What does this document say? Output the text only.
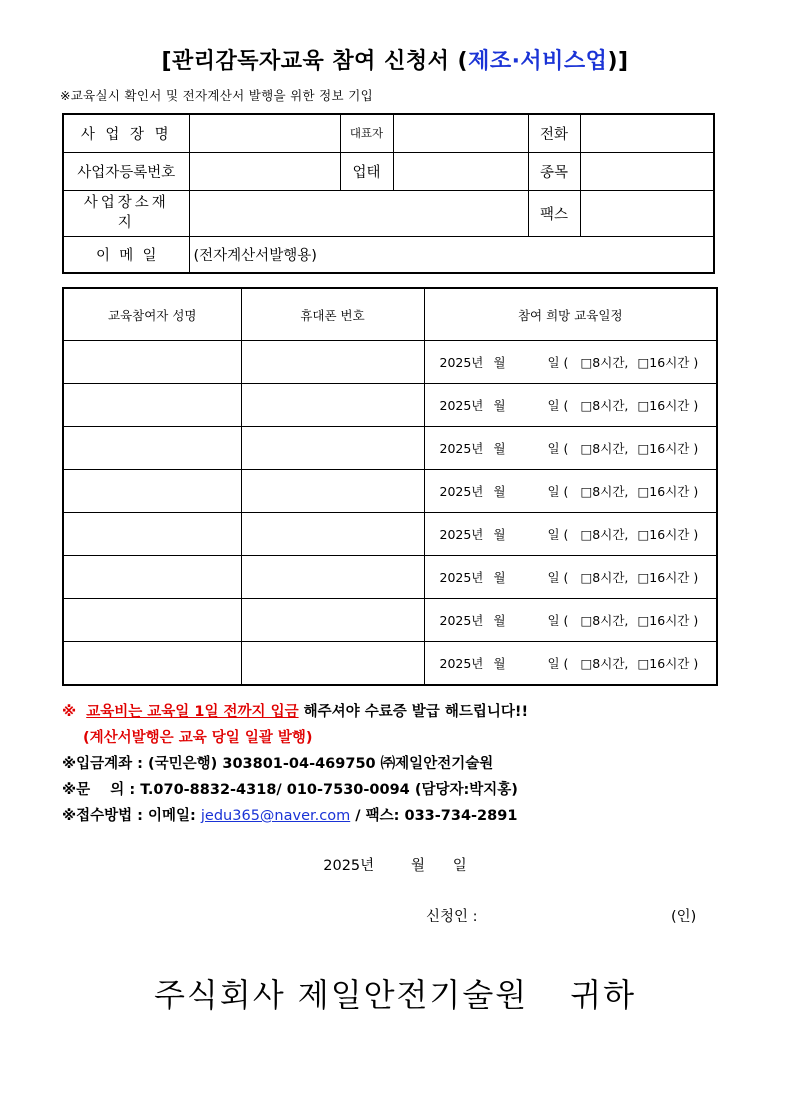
[관리감독자교육 참여 신청서 (제조·서비스업)]
※교육실시 확인서 및 전자계산서 발행을 위한 정보 기입
사 업 장 명		대표자		전화	
사업자등록번호		업태		종목	
사업장소재지				팩스	
이  메  일	(전자계산서발행용)				
교육참여자 성명	휴대폰 번호	참여 희망 교육일정
		2025년 월 일 ( □8시간, □16시간 )
		2025년 월 일 ( □8시간, □16시간 )
		2025년 월 일 ( □8시간, □16시간 )
		2025년 월 일 ( □8시간, □16시간 )
		2025년 월 일 ( □8시간, □16시간 )
		2025년 월 일 ( □8시간, □16시간 )
		2025년 월 일 ( □8시간, □16시간 )
		2025년 월 일 ( □8시간, □16시간 )
※ 교육비는 교육일 1일 전까지 입금 해주셔야 수료증 발급 해드립니다!!
(계산서발행은 교육 당일 일괄 발행)
※입금계좌 : (국민은행) 303801-04-469750 ㈜제일안전기술원
※문    의 : T.070-8832-4318/ 010-7530-0094 (담당자:박지홍)
※접수방법 : 이메일: jedu365@naver.com / 팩스: 033-734-2891
2025년	월 일
신청인 :	(인)
주식회사 제일안전기술원 귀하
